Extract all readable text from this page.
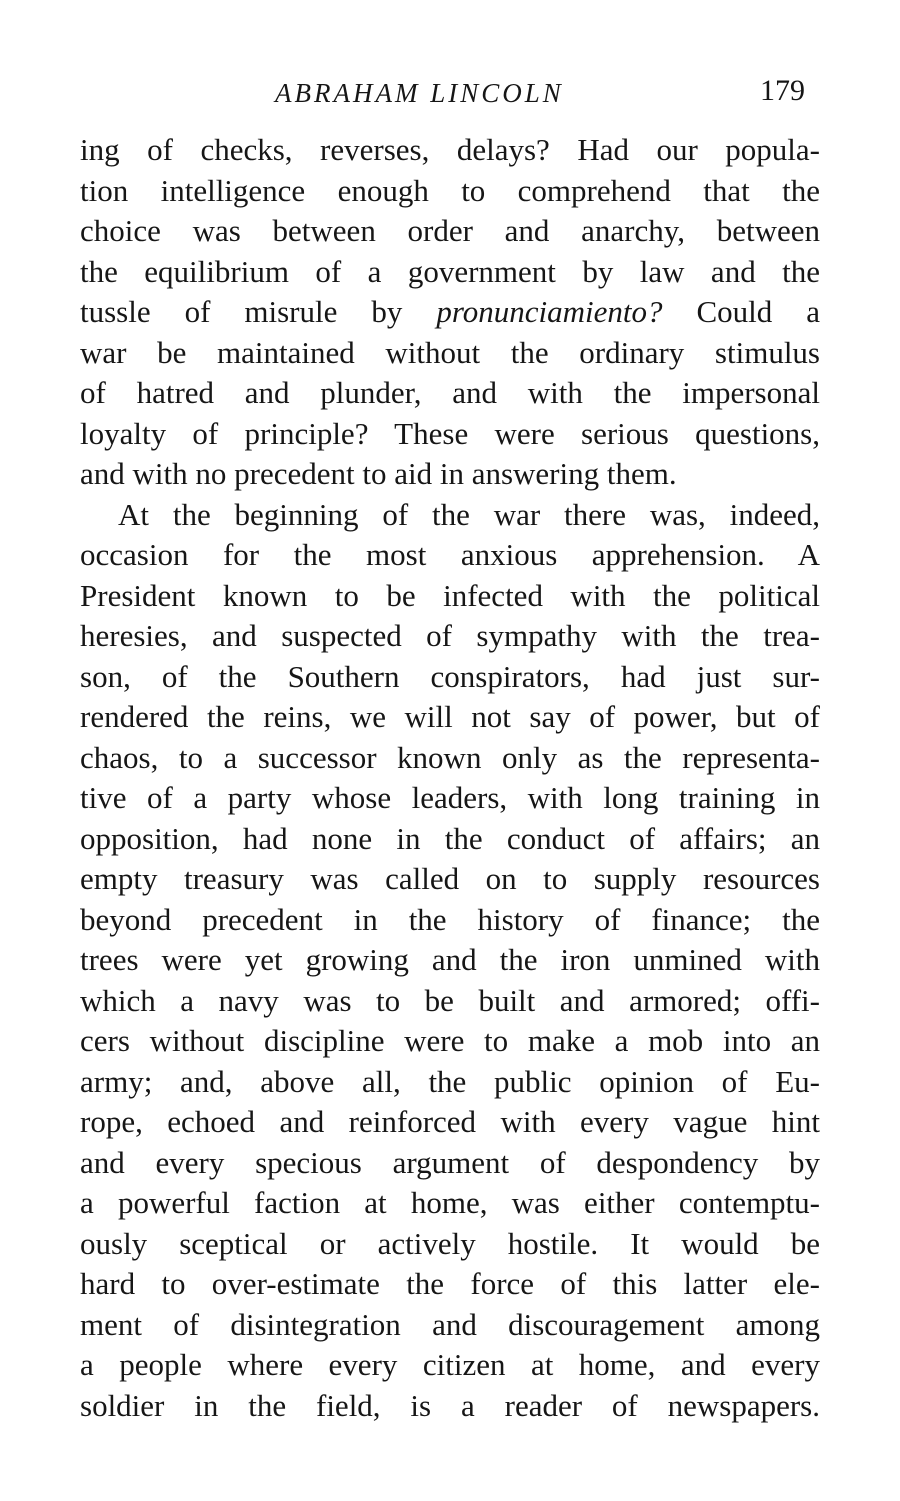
ABRAHAM LINCOLN	179
ing of checks, reverses, delays? Had our popula-
tion intelligence enough to comprehend that the
choice was between order and anarchy, between
the equilibrium of a government by law and the
tussle of misrule by pronunciamiento? Could a
war be maintained without the ordinary stimulus
of hatred and plunder, and with the impersonal
loyalty of principle? These were serious questions,
and with no precedent to aid in answering them.
At the beginning of the war there was, indeed,
occasion for the most anxious apprehension. A
President known to be infected with the political
heresies, and suspected of sympathy with the trea-
son, of the Southern conspirators, had just sur-
rendered the reins, we will not say of power, but of
chaos, to a successor known only as the representa-
tive of a party whose leaders, with long training in
opposition, had none in the conduct of affairs; an
empty treasury was called on to supply resources
beyond precedent in the history of finance; the
trees were yet growing and the iron unmined with
which a navy was to be built and armored; offi-
cers without discipline were to make a mob into an
army; and, above all, the public opinion of Eu-
rope, echoed and reinforced with every vague hint
and every specious argument of despondency by
a powerful faction at home, was either contemptu-
ously sceptical or actively hostile. It would be
hard to over-estimate the force of this latter ele-
ment of disintegration and discouragement among
a people where every citizen at home, and every
soldier in the field, is a reader of newspapers.
